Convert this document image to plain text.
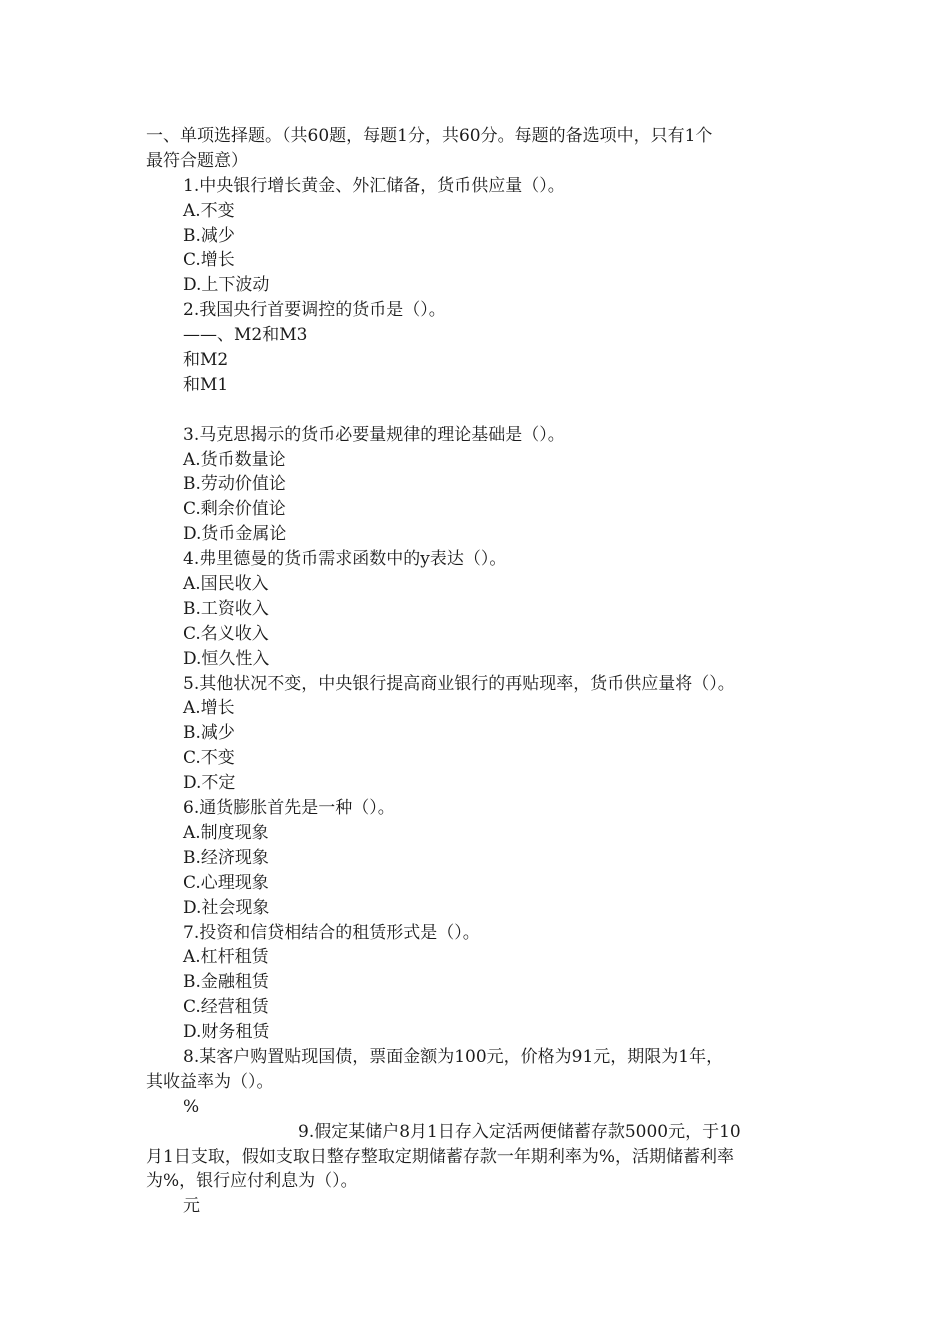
一、单项选择题。（共60题，每题1分，共60分。每题的备选项中，只有1个

最符合题意）

1.中央银行增长黄金、外汇储备，货币供应量（）。

A.不变

B.减少

C.增长

D.上下波动

2.我国央行首要调控的货币是（）。

——、M2和M3

和M2

和M1

3.马克思揭示的货币必要量规律的理论基础是（）。

A.货币数量论

B.劳动价值论

C.剩余价值论

D.货币金属论

4.弗里德曼的货币需求函数中的y表达（）。

A.国民收入

B.工资收入

C.名义收入

D.恒久性入

5.其他状况不变，中央银行提高商业银行的再贴现率，货币供应量将（）。

A.增长

B.减少

C.不变

D.不定

6.通货膨胀首先是一种（）。

A.制度现象

B.经济现象

C.心理现象

D.社会现象

7.投资和信贷相结合的租赁形式是（）。

A.杠杆租赁

B.金融租赁

C.经营租赁

D.财务租赁

8.某客户购置贴现国债，票面金额为100元，价格为91元，期限为1年，

其收益率为（）。

%

9.假定某储户8月1日存入定活两便储蓄存款5000元，于10

月1日支取，假如支取日整存整取定期储蓄存款一年期利率为%，活期储蓄利率

为%，银行应付利息为（）。

元
